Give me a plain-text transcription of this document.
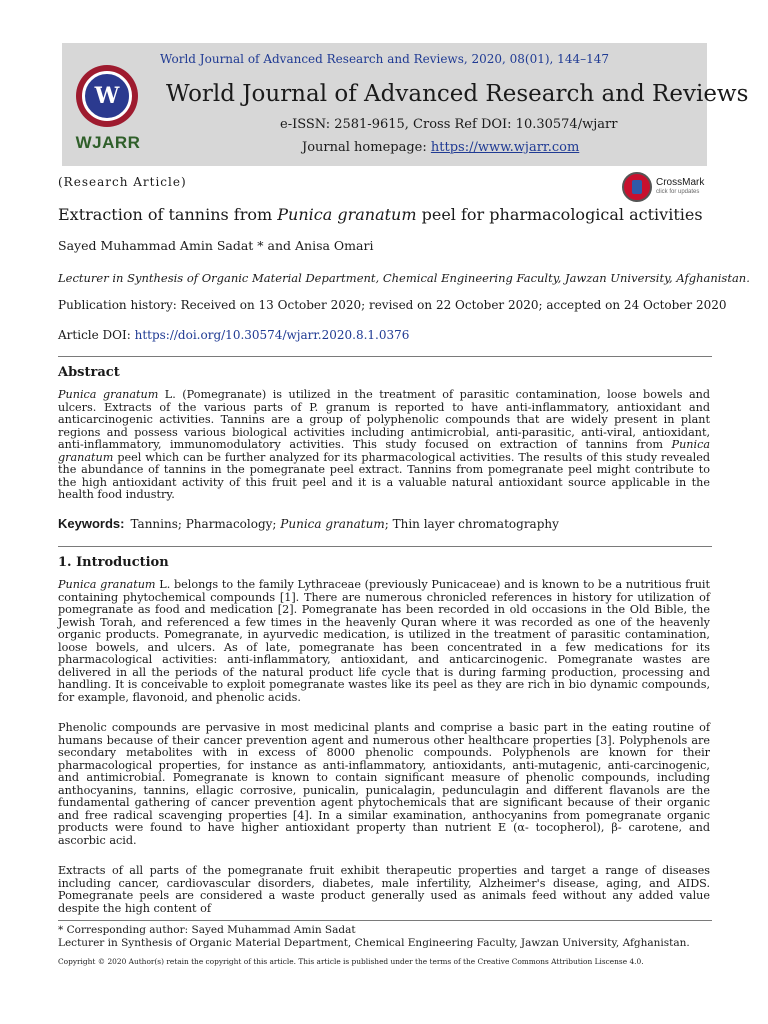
World Journal of Advanced Research and Reviews, 2020, 08(01), 144–147
W
WJARR
World Journal of Advanced Research and Reviews
e-ISSN: 2581-9615, Cross Ref DOI: 10.30574/wjarr
Journal homepage: https://www.wjarr.com
(Research Article)	CrossMark
click for updates
Extraction of tannins from Punica granatum peel for pharmacological activities
Sayed Muhammad Amin Sadat * and Anisa Omari
Lecturer in Synthesis of Organic Material Department, Chemical Engineering Faculty, Jawzan University, Afghanistan.
Publication history: Received on 13 October 2020; revised on 22 October 2020; accepted on 24 October 2020
Article DOI: https://doi.org/10.30574/wjarr.2020.8.1.0376
Abstract
Punica granatum L. (Pomegranate) is utilized in the treatment of parasitic contamination, loose bowels and ulcers. Extracts of the various parts of P. granum is reported to have anti-inflammatory, antioxidant and anticarcinogenic activities. Tannins are a group of polyphenolic compounds that are widely present in plant regions and possess various biological activities including antimicrobial, anti-parasitic, anti-viral, antioxidant, anti-inflammatory, immunomodulatory activities. This study focused on extraction of tannins from Punica granatum peel which can be further analyzed for its pharmacological activities. The results of this study revealed the abundance of tannins in the pomegranate peel extract. Tannins from pomegranate peel might contribute to the high antioxidant activity of this fruit peel and it is a valuable natural antioxidant source applicable in the health food industry.
Keywords: Tannins; Pharmacology; Punica granatum; Thin layer chromatography
1. Introduction
Punica granatum L. belongs to the family Lythraceae (previously Punicaceae) and is known to be a nutritious fruit containing phytochemical compounds [1]. There are numerous chronicled references in history for utilization of pomegranate as food and medication [2]. Pomegranate has been recorded in old occasions in the Old Bible, the Jewish Torah, and referenced a few times in the heavenly Quran where it was recorded as one of the heavenly organic products. Pomegranate, in ayurvedic medication, is utilized in the treatment of parasitic contamination, loose bowels, and ulcers. As of late, pomegranate has been concentrated in a few medications for its pharmacological activities: anti-inflammatory, antioxidant, and anticarcinogenic. Pomegranate wastes are delivered in all the periods of the natural product life cycle that is during farming production, processing and handling. It is conceivable to exploit pomegranate wastes like its peel as they are rich in bio dynamic compounds, for example, flavonoid, and phenolic acids.
Phenolic compounds are pervasive in most medicinal plants and comprise a basic part in the eating routine of humans because of their cancer prevention agent and numerous other healthcare properties [3]. Polyphenols are secondary metabolites with in excess of 8000 phenolic compounds. Polyphenols are known for their pharmacological properties, for instance as anti-inflammatory, antioxidants, anti-mutagenic, anti-carcinogenic, and antimicrobial. Pomegranate is known to contain significant measure of phenolic compounds, including anthocyanins, tannins, ellagic corrosive, punicalin, punicalagin, pedunculagin and different flavanols are the fundamental gathering of cancer prevention agent phytochemicals that are significant because of their organic and free radical scavenging properties [4]. In a similar examination, anthocyanins from pomegranate organic products were found to have higher antioxidant property than nutrient E (α- tocopherol), β- carotene, and ascorbic acid.
Extracts of all parts of the pomegranate fruit exhibit therapeutic properties and target a range of diseases including cancer, cardiovascular disorders, diabetes, male infertility, Alzheimer's disease, aging, and AIDS. Pomegranate peels are considered a waste product generally used as animals feed without any added value despite the high content of
* Corresponding author: Sayed Muhammad Amin Sadat
Lecturer in Synthesis of Organic Material Department, Chemical Engineering Faculty, Jawzan University, Afghanistan.
Copyright © 2020 Author(s) retain the copyright of this article. This article is published under the terms of the Creative Commons Attribution Liscense 4.0.
